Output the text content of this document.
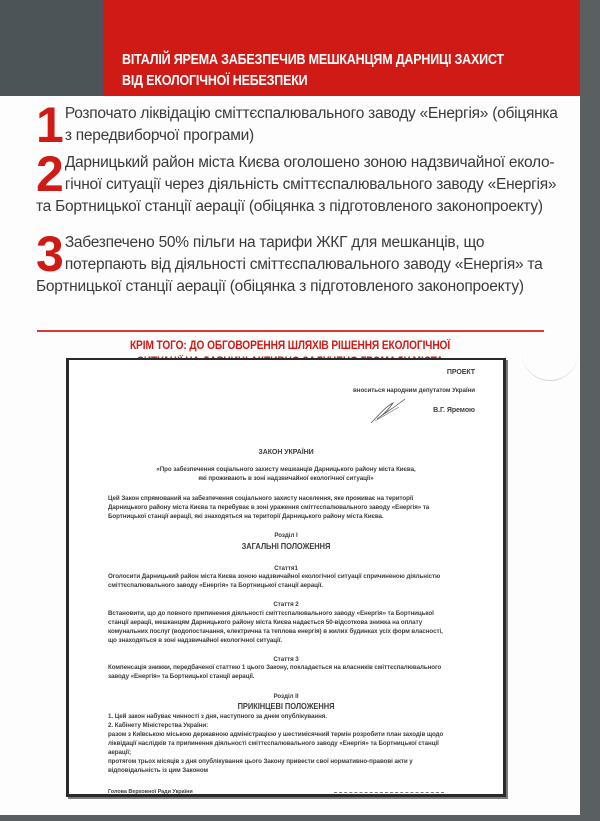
ВІТАЛІЙ ЯРЕМА ЗАБЕЗПЕЧИВ МЕШКАНЦЯМ ДАРНИЦІ ЗАХИСТ
ВІД ЕКОЛОГІЧНОЇ НЕБЕЗПЕКИ
1 Розпочато ліквідацію сміттєспалювального заводу «Енергія» (обіцянка з передвиборчої програми)
2 Дарницький район міста Києва оголошено зоною надзвичайної еколо-гічної ситуації через діяльність сміттєспалювального заводу «Енергія» та Бортницької станції аерації (обіцянка з підготовленого законопроекту)
3 Забезпечено 50% пільги на тарифи ЖКГ для мешканців, що потерпають від діяльності сміттєспалювального заводу «Енергія» та Бортницької станції аерації (обіцянка з підготовленого законопроекту)
КРІМ ТОГО: ДО ОБГОВОРЕННЯ ШЛЯХІВ РІШЕННЯ ЕКОЛОГІЧНОЇ
ПРОЕКТ
вноситься народним депутатом України
В.Г. Яремою
ЗАКОН УКРАЇНИ
«Про забезпечення соціального захисту мешканців Дарницького району міста Києва,
які проживають в зоні надзвичайної екологічної ситуації»
Цей Закон спрямований на забезпечення соціального захисту населення, яке проживає на території
Дарницького району міста Києва та перебуває в зоні ураження сміттєспалювального заводу «Енергія» та
Бортницької станції аерації, які знаходяться на території Дарницького району міста Києва.
Розділ І
ЗАГАЛЬНІ ПОЛОЖЕННЯ
Стаття1
Оголосити Дарницький район міста Києва зоною надзвичайної екологічної ситуації спричиненою діяльністю
сміттєспалювального заводу «Енергія» та Бортницької станції аерації.
Стаття 2
Встановити, що до повного припинення діяльності сміттєспалювального заводу «Енергія» та Бортницької
станції аерації, мешканцям Дарницького району міста Києва надається 50-відсоткова знижка на оплату
комунальних послуг (водопостачання, електрична та теплова енергія) в жилих будинках усіх форм власності,
що знаходяться в зоні надзвичайної екологічної ситуації.
Стаття 3
Компенсація знижки, передбаченої статтею 1 цього Закону, покладається на власників сміттєспалювального
заводу «Енергія» та Бортницької станції аерації.
Розділ ІІ
ПРИКІНЦЕВІ ПОЛОЖЕННЯ
1. Цей закон набуває чинності з дня, наступного за днем опублікування.
2. Кабінету Міністерства України:
разом з Київською міською державною адміністрацією у шестимісячний термін розробити план заходів щодо
ліквідації наслідків та припинення діяльності сміттєспалювального заводу «Енергія» та Бортницької станції
аерації;
протягом трьох місяців з дня опублікування цього Закону привести свої нормативно-правові акти у
відповідальність із цим Законом
Голова Верховної Ради України
